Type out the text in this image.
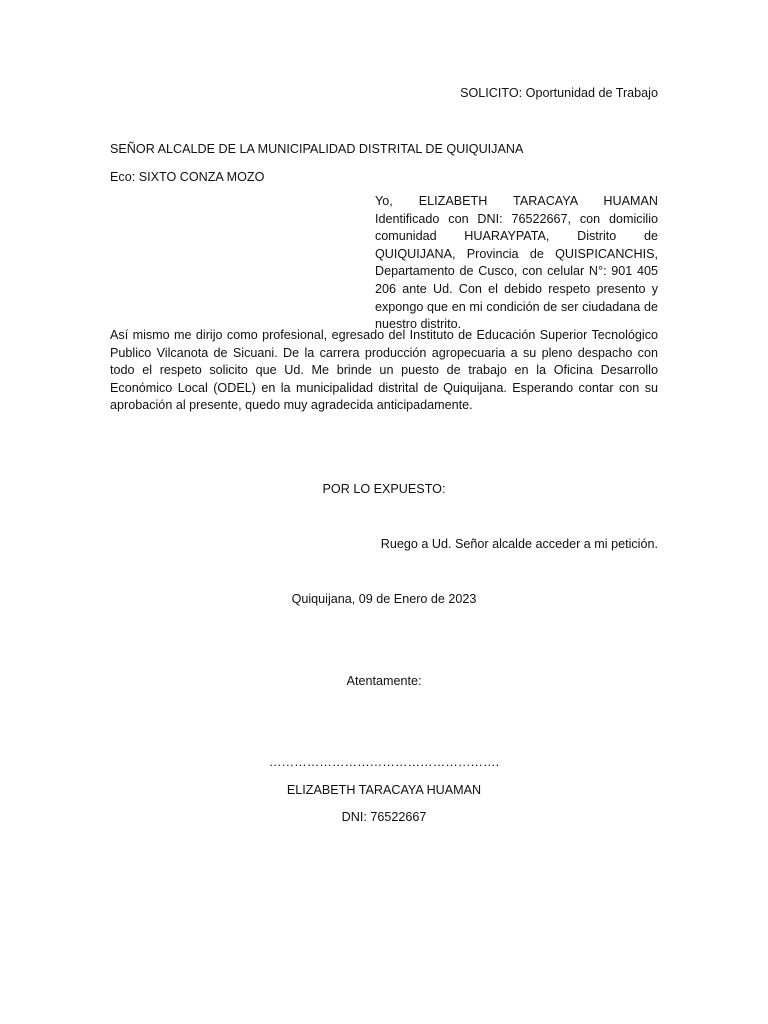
SOLICITO: Oportunidad de Trabajo
SEÑOR ALCALDE DE LA MUNICIPALIDAD DISTRITAL DE QUIQUIJANA
Eco: SIXTO CONZA MOZO

Yo, ELIZABETH TARACAYA HUAMAN Identificado con DNI: 76522667, con domicilio comunidad HUARAYPATA, Distrito de QUIQUIJANA, Provincia de QUISPICANCHIS, Departamento de Cusco, con celular N°: 901 405 206 ante Ud. Con el debido respeto presento y expongo que en mi condición de ser ciudadana de nuestro distrito.

Así mismo me dirijo como profesional, egresado del Instituto de Educación Superior Tecnológico Publico Vilcanota de Sicuani. De la carrera producción agropecuaria a su pleno despacho con todo el respeto solicito que Ud. Me brinde un puesto de trabajo en la Oficina Desarrollo Económico Local (ODEL) en la municipalidad distrital de Quiquijana. Esperando contar con su aprobación al presente, quedo muy agradecida anticipadamente.

POR LO EXPUESTO:
Ruego a Ud. Señor alcalde acceder a mi petición.
Quiquijana, 09 de Enero de 2023
Atentamente:
……………………………………………….
ELIZABETH TARACAYA HUAMAN
DNI: 76522667
